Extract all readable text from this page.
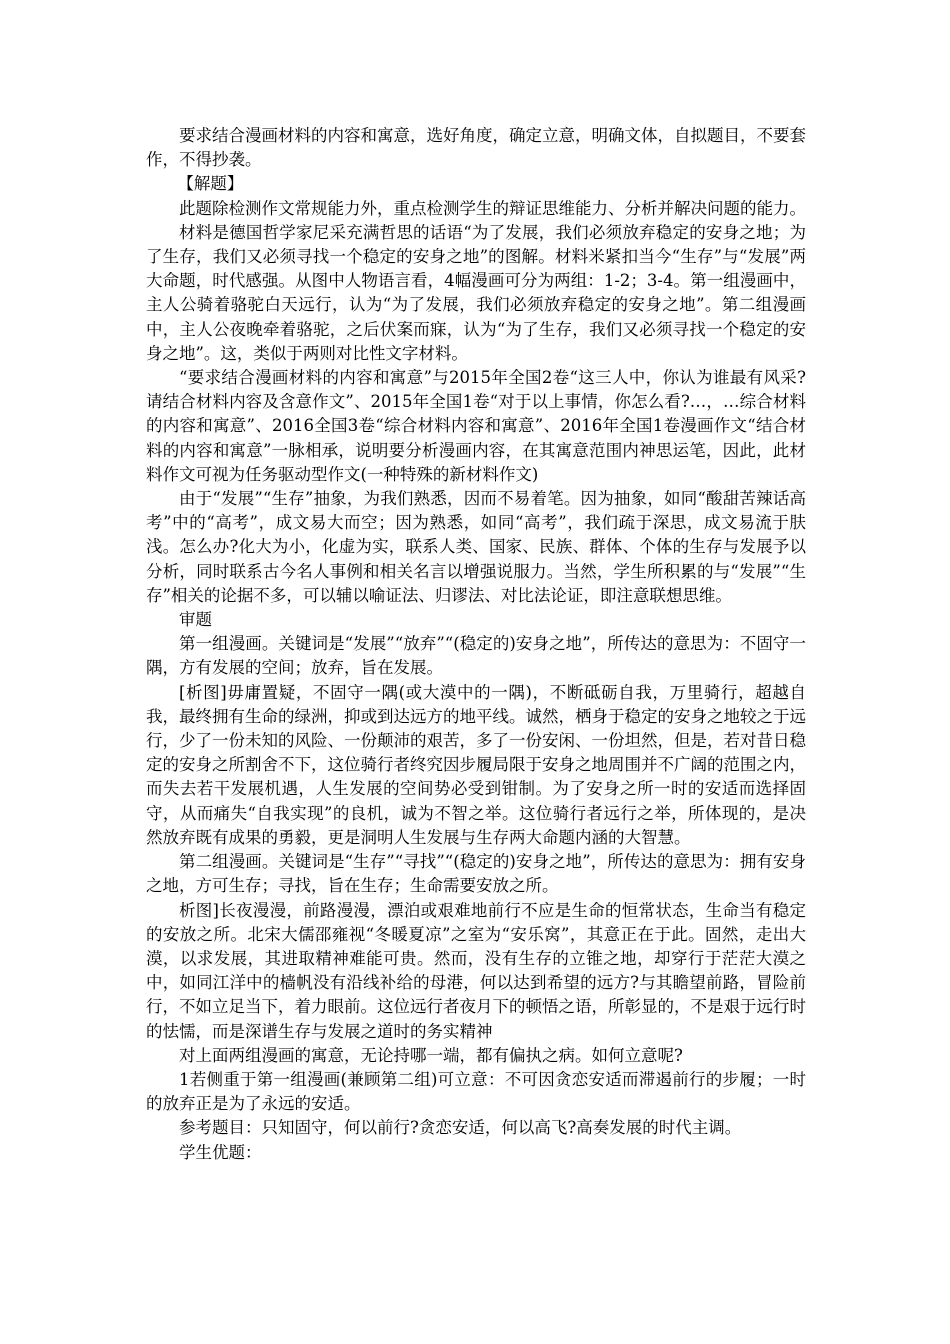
要求结合漫画材料的内容和寓意，选好角度，确定立意，明确文体，自拟题目，不要套作，不得抄袭。

【解题】

此题除检测作文常规能力外，重点检测学生的辩证思维能力、分析并解决问题的能力。

材料是德国哲学家尼采充满哲思的话语“为了发展，我们必须放弃稳定的安身之地；为了生存，我们又必须寻找一个稳定的安身之地”的图解。材料米紧扣当今“生存”与“发展”两大命题，时代感强。从图中人物语言看，4幅漫画可分为两组：1-2；3-4。第一组漫画中，主人公骑着骆驼白天远行，认为“为了发展，我们必须放弃稳定的安身之地”。第二组漫画中，主人公夜晚牵着骆驼，之后伏案而寐，认为“为了生存，我们又必须寻找一个稳定的安身之地”。这，类似于两则对比性文字材料。

“要求结合漫画材料的内容和寓意”与2015年全国2卷“这三人中，你认为谁最有风采?请结合材料内容及含意作文”、2015年全国1卷“对于以上事情，你怎么看?…，…综合材料的内容和寓意”、2016全国3卷“综合材料内容和寓意”、2016年全国1卷漫画作文“结合材料的内容和寓意”一脉相承，说明要分析漫画内容，在其寓意范围内神思运笔，因此，此材料作文可视为任务驱动型作文(一种特殊的新材料作文)

由于“发展”“生存”抽象，为我们熟悉，因而不易着笔。因为抽象，如同“酸甜苦辣话高考”中的“高考”，成文易大而空；因为熟悉，如同“高考”，我们疏于深思，成文易流于肤浅。怎么办?化大为小，化虚为实，联系人类、国家、民族、群体、个体的生存与发展予以分析，同时联系古今名人事例和相关名言以增强说服力。当然，学生所积累的与“发展”“生存”相关的论据不多，可以辅以喻证法、归谬法、对比法论证，即注意联想思维。

审题

第一组漫画。关键词是“发展”“放弃”“(稳定的)安身之地”，所传达的意思为：不固守一隅，方有发展的空间；放弃，旨在发展。

[析图]毋庸置疑，不固守一隅(或大漠中的一隅)，不断砥砺自我，万里骑行，超越自我，最终拥有生命的绿洲，抑或到达远方的地平线。诚然，栖身于稳定的安身之地较之于远行，少了一份未知的风险、一份颠沛的艰苦，多了一份安闲、一份坦然，但是，若对昔日稳定的安身之所割舍不下，这位骑行者终究因步履局限于安身之地周围并不广阔的范围之内，而失去若干发展机遇，人生发展的空间势必受到钳制。为了安身之所一时的安适而选择固守，从而痛失“自我实现”的良机，诚为不智之举。这位骑行者远行之举，所体现的，是决然放弃既有成果的勇毅，更是洞明人生发展与生存两大命题内涵的大智慧。

第二组漫画。关键词是“生存”“寻找”“(稳定的)安身之地”，所传达的意思为：拥有安身之地，方可生存；寻找，旨在生存；生命需要安放之所。

析图]长夜漫漫，前路漫漫，漂泊或艰难地前行不应是生命的恒常状态，生命当有稳定的安放之所。北宋大儒邵雍视“冬暖夏凉”之室为“安乐窝”，其意正在于此。固然，走出大漠，以求发展，其进取精神难能可贵。然而，没有生存的立锥之地，却穿行于茫茫大漠之中，如同江洋中的樯帆没有沿线补给的母港，何以达到希望的远方?与其瞻望前路，冒险前行，不如立足当下，着力眼前。这位远行者夜月下的顿悟之语，所彰显的，不是艰于远行时的怯懦，而是深谱生存与发展之道时的务实精神

对上面两组漫画的寓意，无论持哪一端，都有偏执之病。如何立意呢?

1若侧重于第一组漫画(兼顾第二组)可立意：不可因贪恋安适而滞遏前行的步履；一时的放弃正是为了永远的安适。

参考题目：只知固守，何以前行?贪恋安适，何以高飞?高奏发展的时代主调。

学生优题：
